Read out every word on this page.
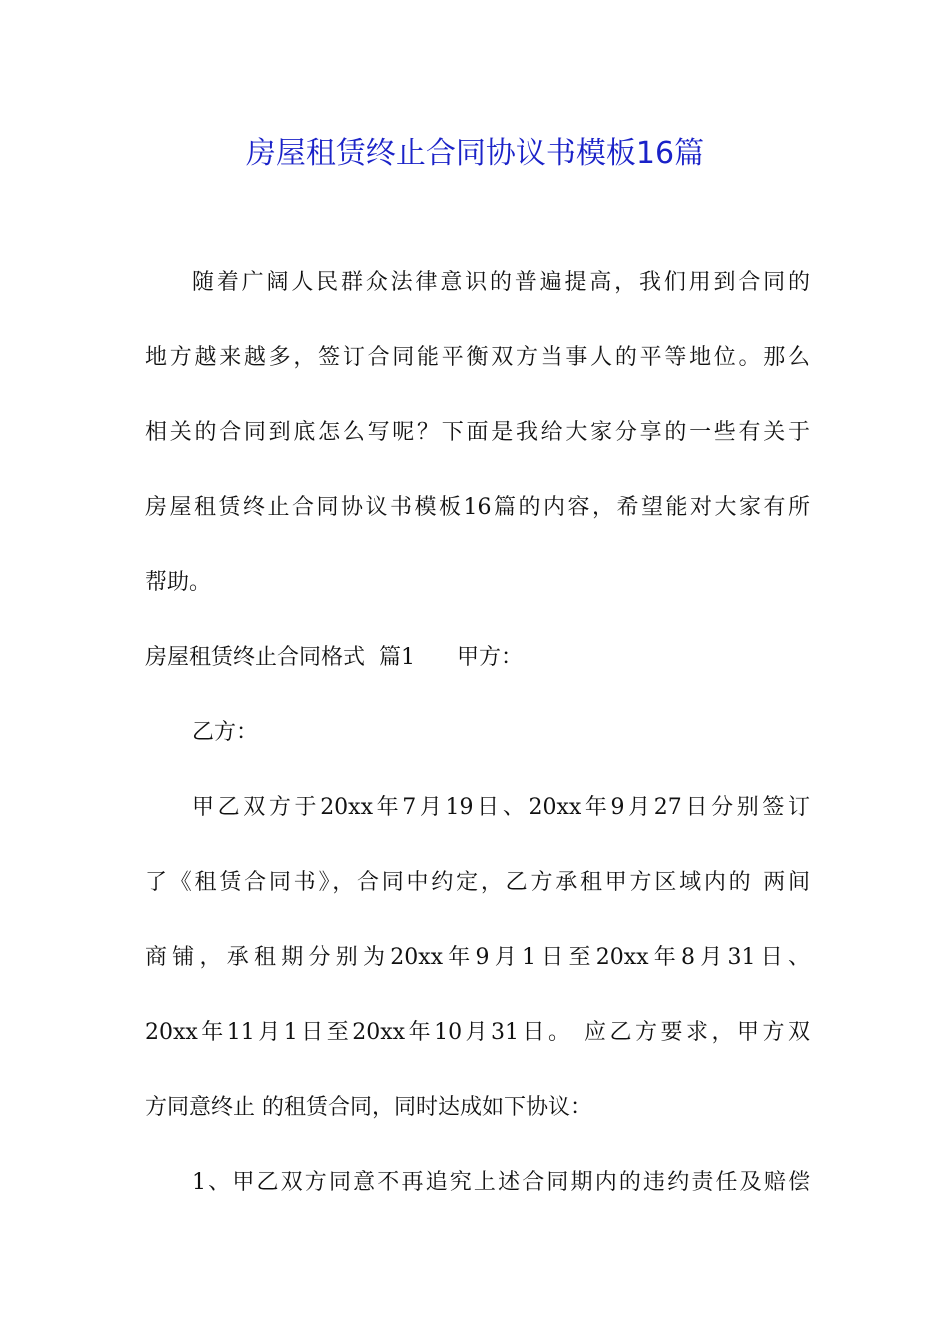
房屋租赁终止合同协议书模板16篇
随着广阔人民群众法律意识的普遍提高，我们用到合同的
地方越来越多，签订合同能平衡双方当事人的平等地位。那么
相关的合同到底怎么写呢？下面是我给大家分享的一些有关于
房屋租赁终止合同协议书模板16篇的内容，希望能对大家有所
帮助。
房屋租赁终止合同格式  篇1      甲方：
乙方：
甲乙双方于20xx年7月19日、20xx年9月27日分别签订
了《租赁合同书》，合同中约定，乙方承租甲方区域内的 两间
商铺，承租期分别为20xx年9月1日至20xx年8月31日、
20xx年11月1日至20xx年10月31日。 应乙方要求，甲方双
方同意终止 的租赁合同，同时达成如下协议：
1、甲乙双方同意不再追究上述合同期内的违约责任及赔偿
